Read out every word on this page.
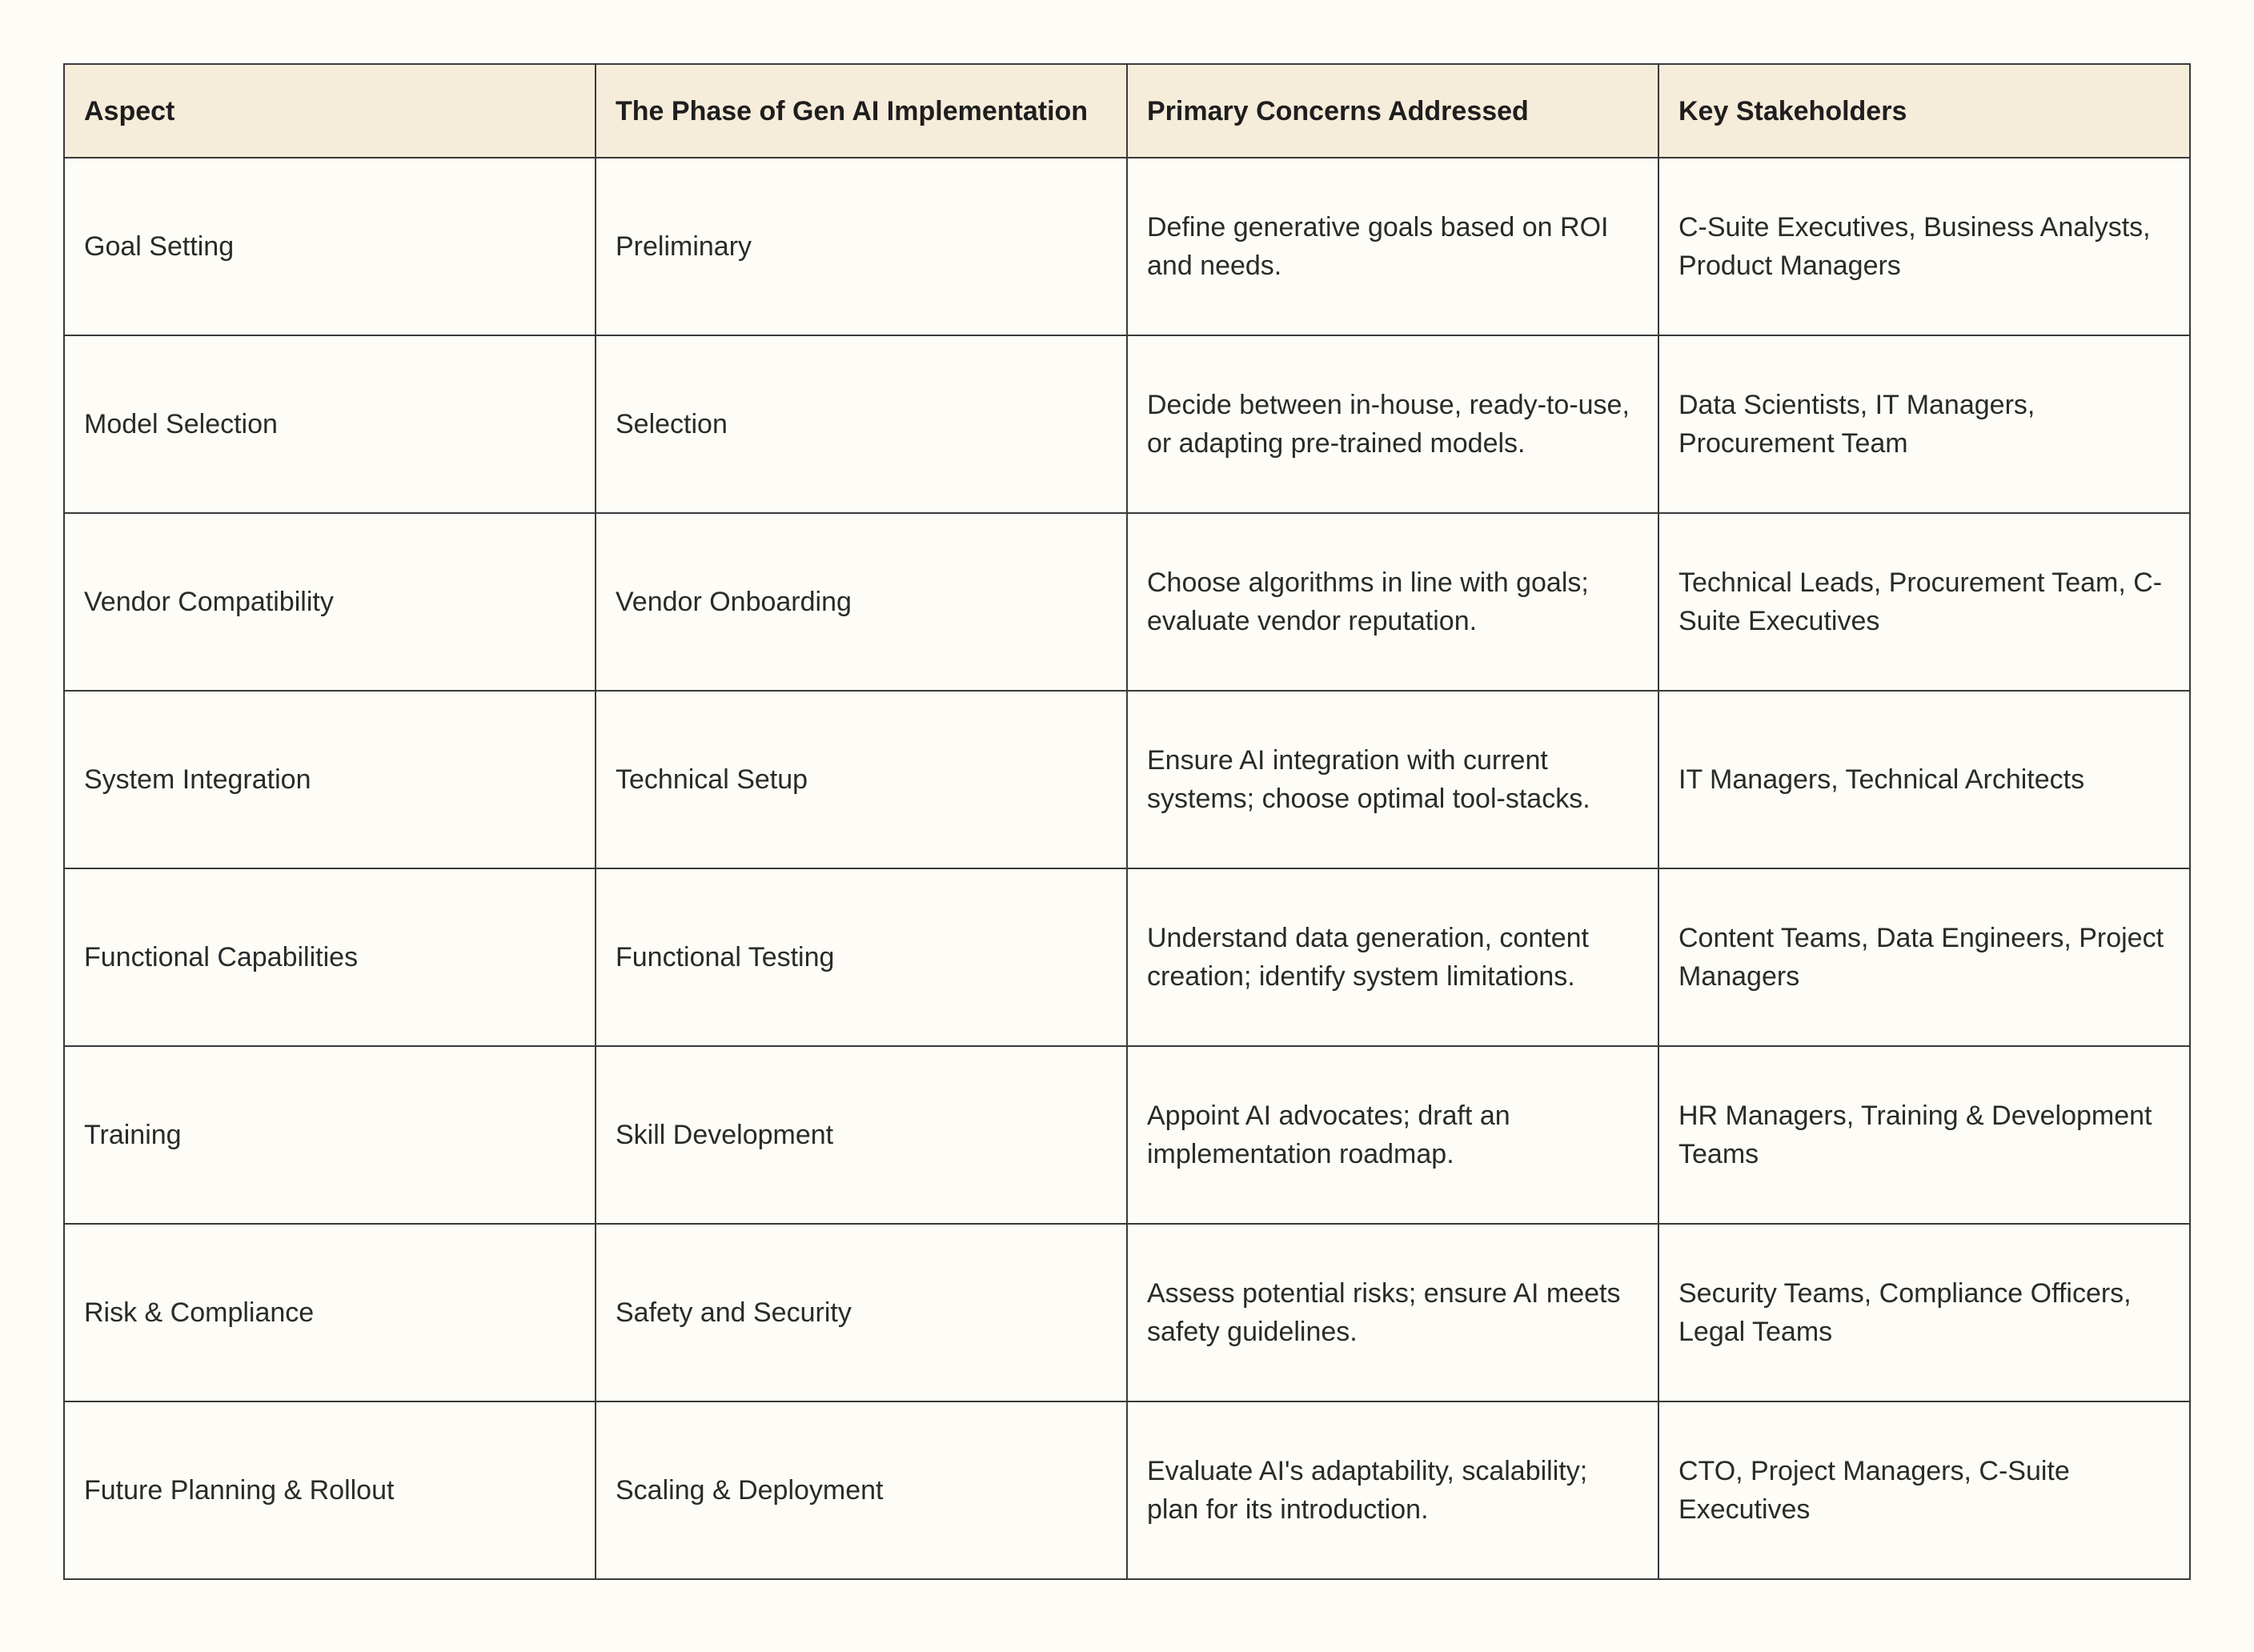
Aspect	The Phase of Gen AI Implementation	Primary Concerns Addressed	Key Stakeholders
Goal Setting	Preliminary	Define generative goals based on ROI and needs.	C-Suite Executives, Business Analysts, Product Managers
Model Selection	Selection	Decide between in-house, ready-to-use, or adapting pre-trained models.	Data Scientists, IT Managers, Procurement Team
Vendor Compatibility	Vendor Onboarding	Choose algorithms in line with goals; evaluate vendor reputation.	Technical Leads, Procurement Team, C-Suite Executives
System Integration	Technical Setup	Ensure AI integration with current systems; choose optimal tool-stacks.	IT Managers, Technical Architects
Functional Capabilities	Functional Testing	Understand data generation, content creation; identify system limitations.	Content Teams, Data Engineers, Project Managers
Training	Skill Development	Appoint AI advocates; draft an implementation roadmap.	HR Managers, Training & Development Teams
Risk & Compliance	Safety and Security	Assess potential risks; ensure AI meets safety guidelines.	Security Teams, Compliance Officers, Legal Teams
Future Planning & Rollout	Scaling & Deployment	Evaluate AI's adaptability, scalability; plan for its introduction.	CTO, Project Managers, C-Suite Executives
